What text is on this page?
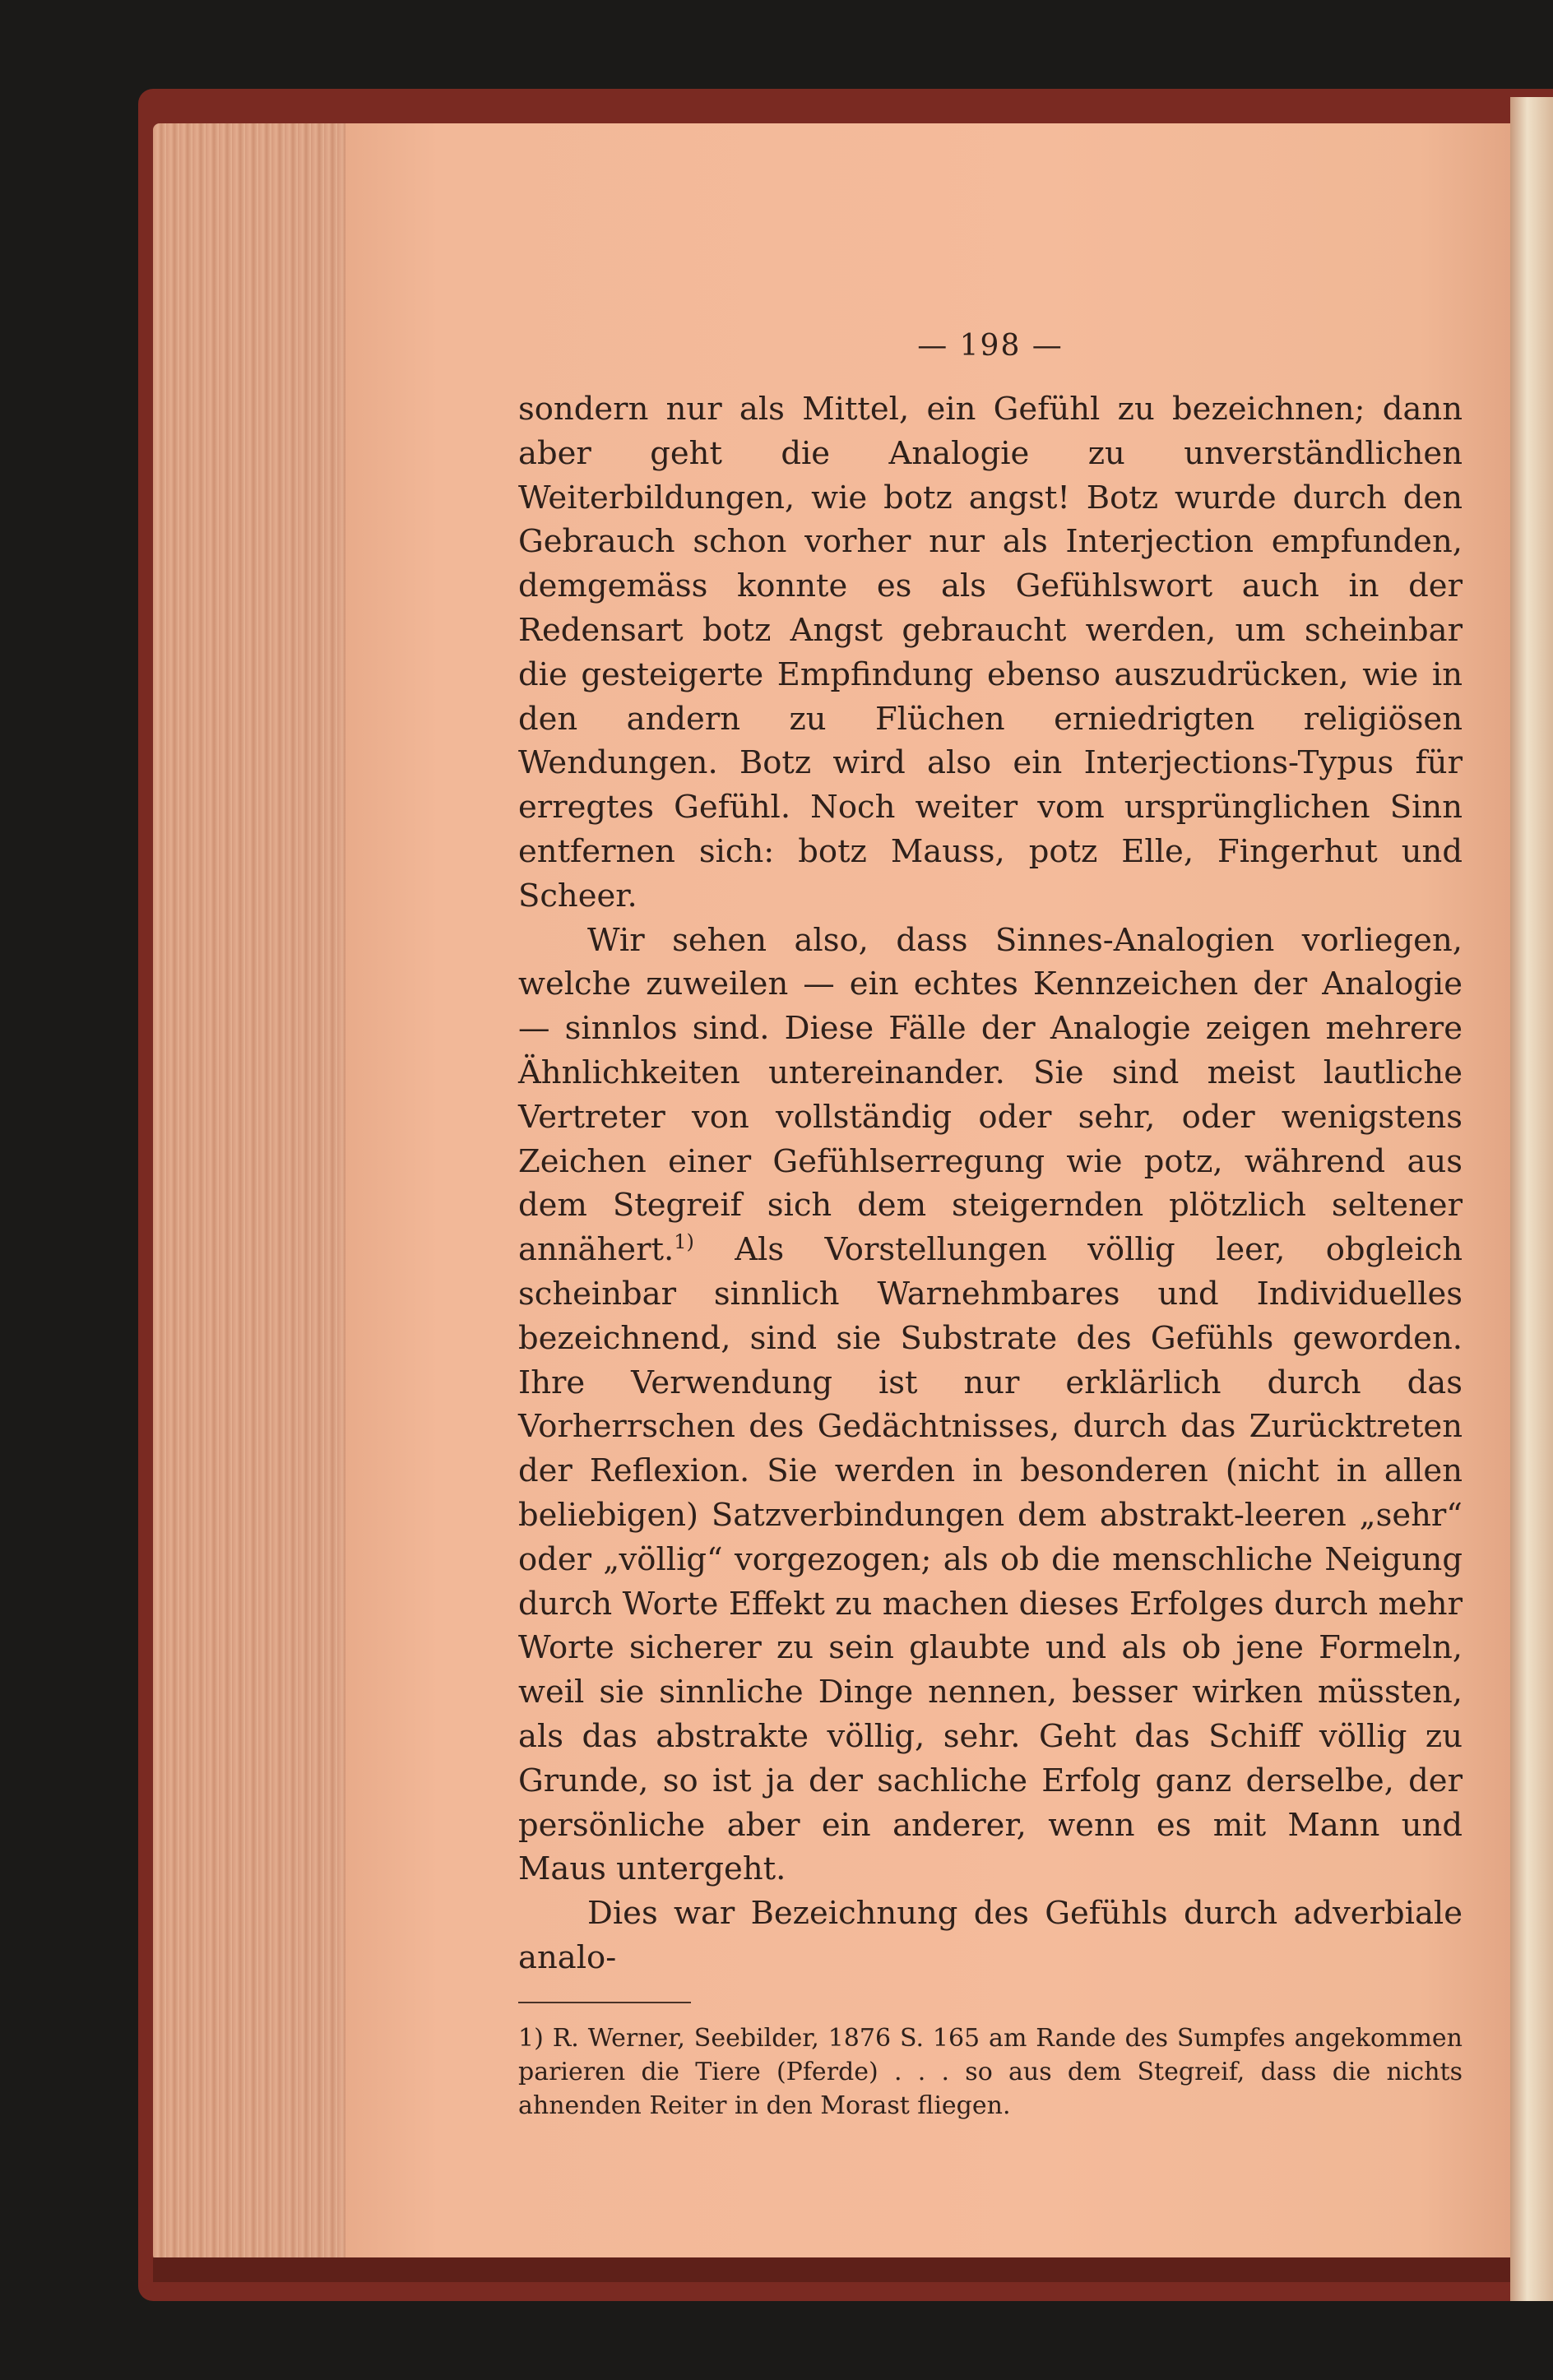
— 198 —

sondern nur als Mittel, ein Gefühl zu bezeichnen; dann aber geht die Analogie zu unverständlichen Weiterbildungen, wie botz angst! Botz wurde durch den Gebrauch schon vorher nur als Interjection empfunden, demgemäss konnte es als Gefühlswort auch in der Redensart botz Angst gebraucht werden, um scheinbar die gesteigerte Empfindung ebenso auszudrücken, wie in den andern zu Flüchen erniedrigten religiösen Wendungen. Botz wird also ein Interjections-Typus für erregtes Gefühl. Noch weiter vom ursprünglichen Sinn entfernen sich: botz Mauss, potz Elle, Fingerhut und Scheer.

Wir sehen also, dass Sinnes-Analogien vorliegen, welche zuweilen — ein echtes Kennzeichen der Analogie — sinnlos sind. Diese Fälle der Analogie zeigen mehrere Ähnlichkeiten untereinander. Sie sind meist lautliche Vertreter von vollständig oder sehr, oder wenigstens Zeichen einer Gefühlserregung wie potz, während aus dem Stegreif sich dem steigernden plötzlich seltener annähert.$^{1)}$ Als Vorstellungen völlig leer, obgleich scheinbar sinnlich Warnehmbares und Individuelles bezeichnend, sind sie Substrate des Gefühls geworden. Ihre Verwendung ist nur erklärlich durch das Vorherrschen des Gedächtnisses, durch das Zurücktreten der Reflexion. Sie werden in besonderen (nicht in allen beliebigen) Satzverbindungen dem abstrakt-leeren „sehr“ oder „völlig“ vorgezogen; als ob die menschliche Neigung durch Worte Effekt zu machen dieses Erfolges durch mehr Worte sicherer zu sein glaubte und als ob jene Formeln, weil sie sinnliche Dinge nennen, besser wirken müssten, als das abstrakte völlig, sehr. Geht das Schiff völlig zu Grunde, so ist ja der sachliche Erfolg ganz derselbe, der persönliche aber ein anderer, wenn es mit Mann und Maus untergeht.

Dies war Bezeichnung des Gefühls durch adverbiale analo-

1) R. Werner, Seebilder, 1876 S. 165 am Rande des Sumpfes angekommen parieren die Tiere (Pferde) . . . so aus dem Stegreif, dass die nichts ahnenden Reiter in den Morast fliegen.
